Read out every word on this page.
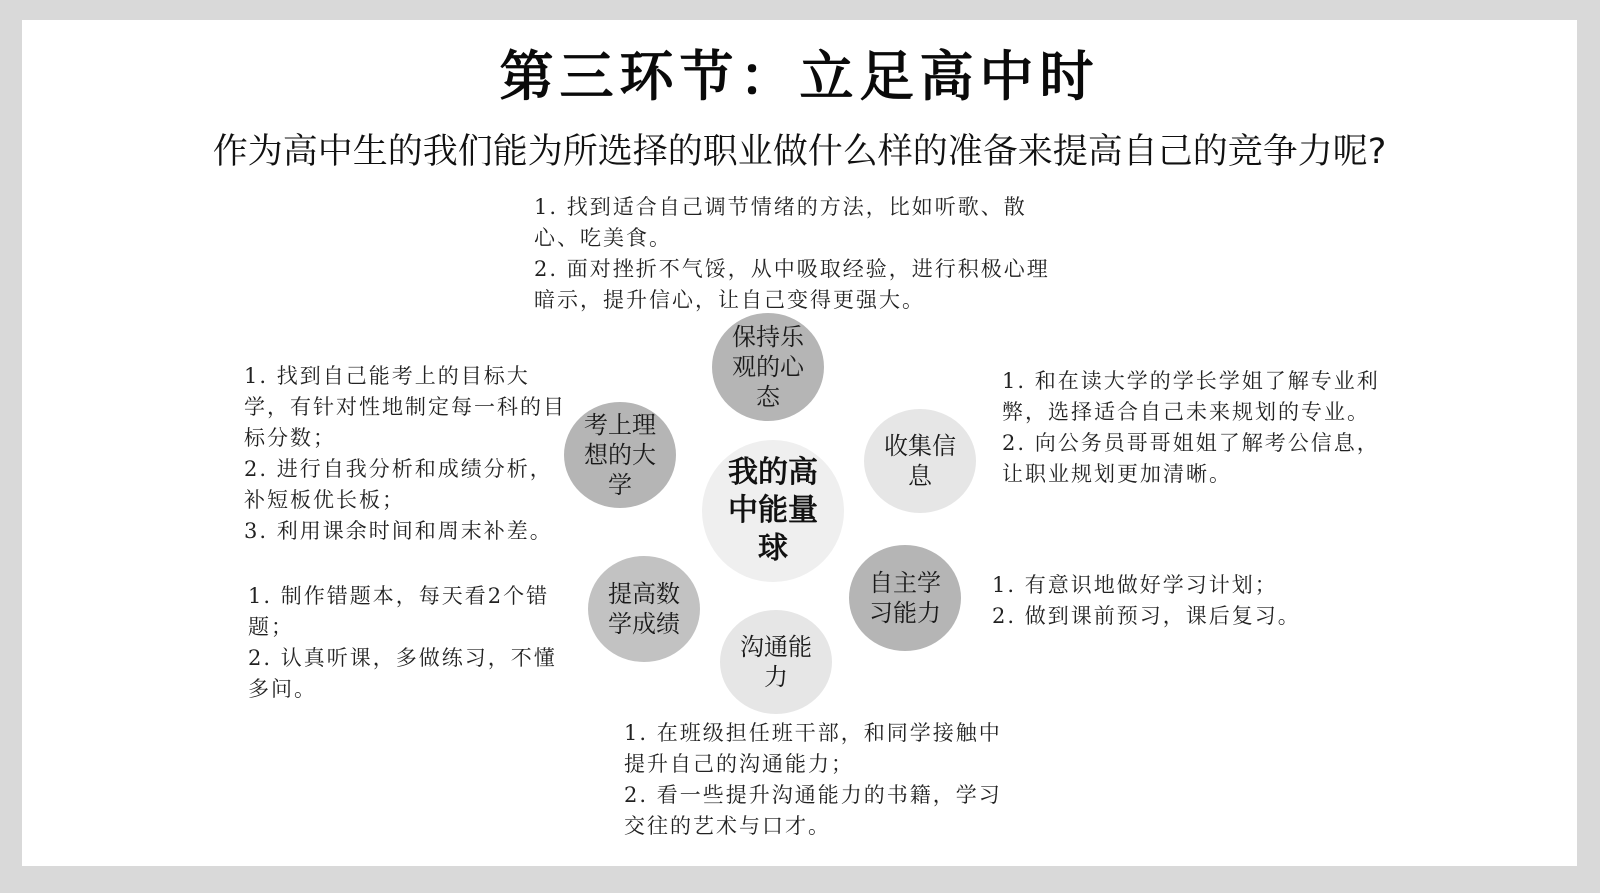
第三环节：立足高中时
作为高中生的我们能为所选择的职业做什么样的准备来提高自己的竞争力呢?

1. 找到适合自己调节情绪的方法，比如听歌、散心、吃美食。

2. 面对挫折不气馁，从中吸取经验，进行积极心理暗示，提升信心，让自己变得更强大。

1. 找到自己能考上的目标大学，有针对性地制定每一科的目标分数；

2. 进行自我分析和成绩分析，补短板优长板；

3. 利用课余时间和周末补差。

1. 和在读大学的学长学姐了解专业利弊，选择适合自己未来规划的专业。

2. 向公务员哥哥姐姐了解考公信息，让职业规划更加清晰。

1. 有意识地做好学习计划；

2. 做到课前预习，课后复习。

1. 制作错题本，每天看2个错题；

2. 认真听课，多做练习，不懂多问。

1. 在班级担任班干部，和同学接触中提升自己的沟通能力；

2. 看一些提升沟通能力的书籍，学习交往的艺术与口才。

我的高中能量球
保持乐观的心态
收集信息
自主学习能力
沟通能力
提高数学成绩
考上理想的大学
